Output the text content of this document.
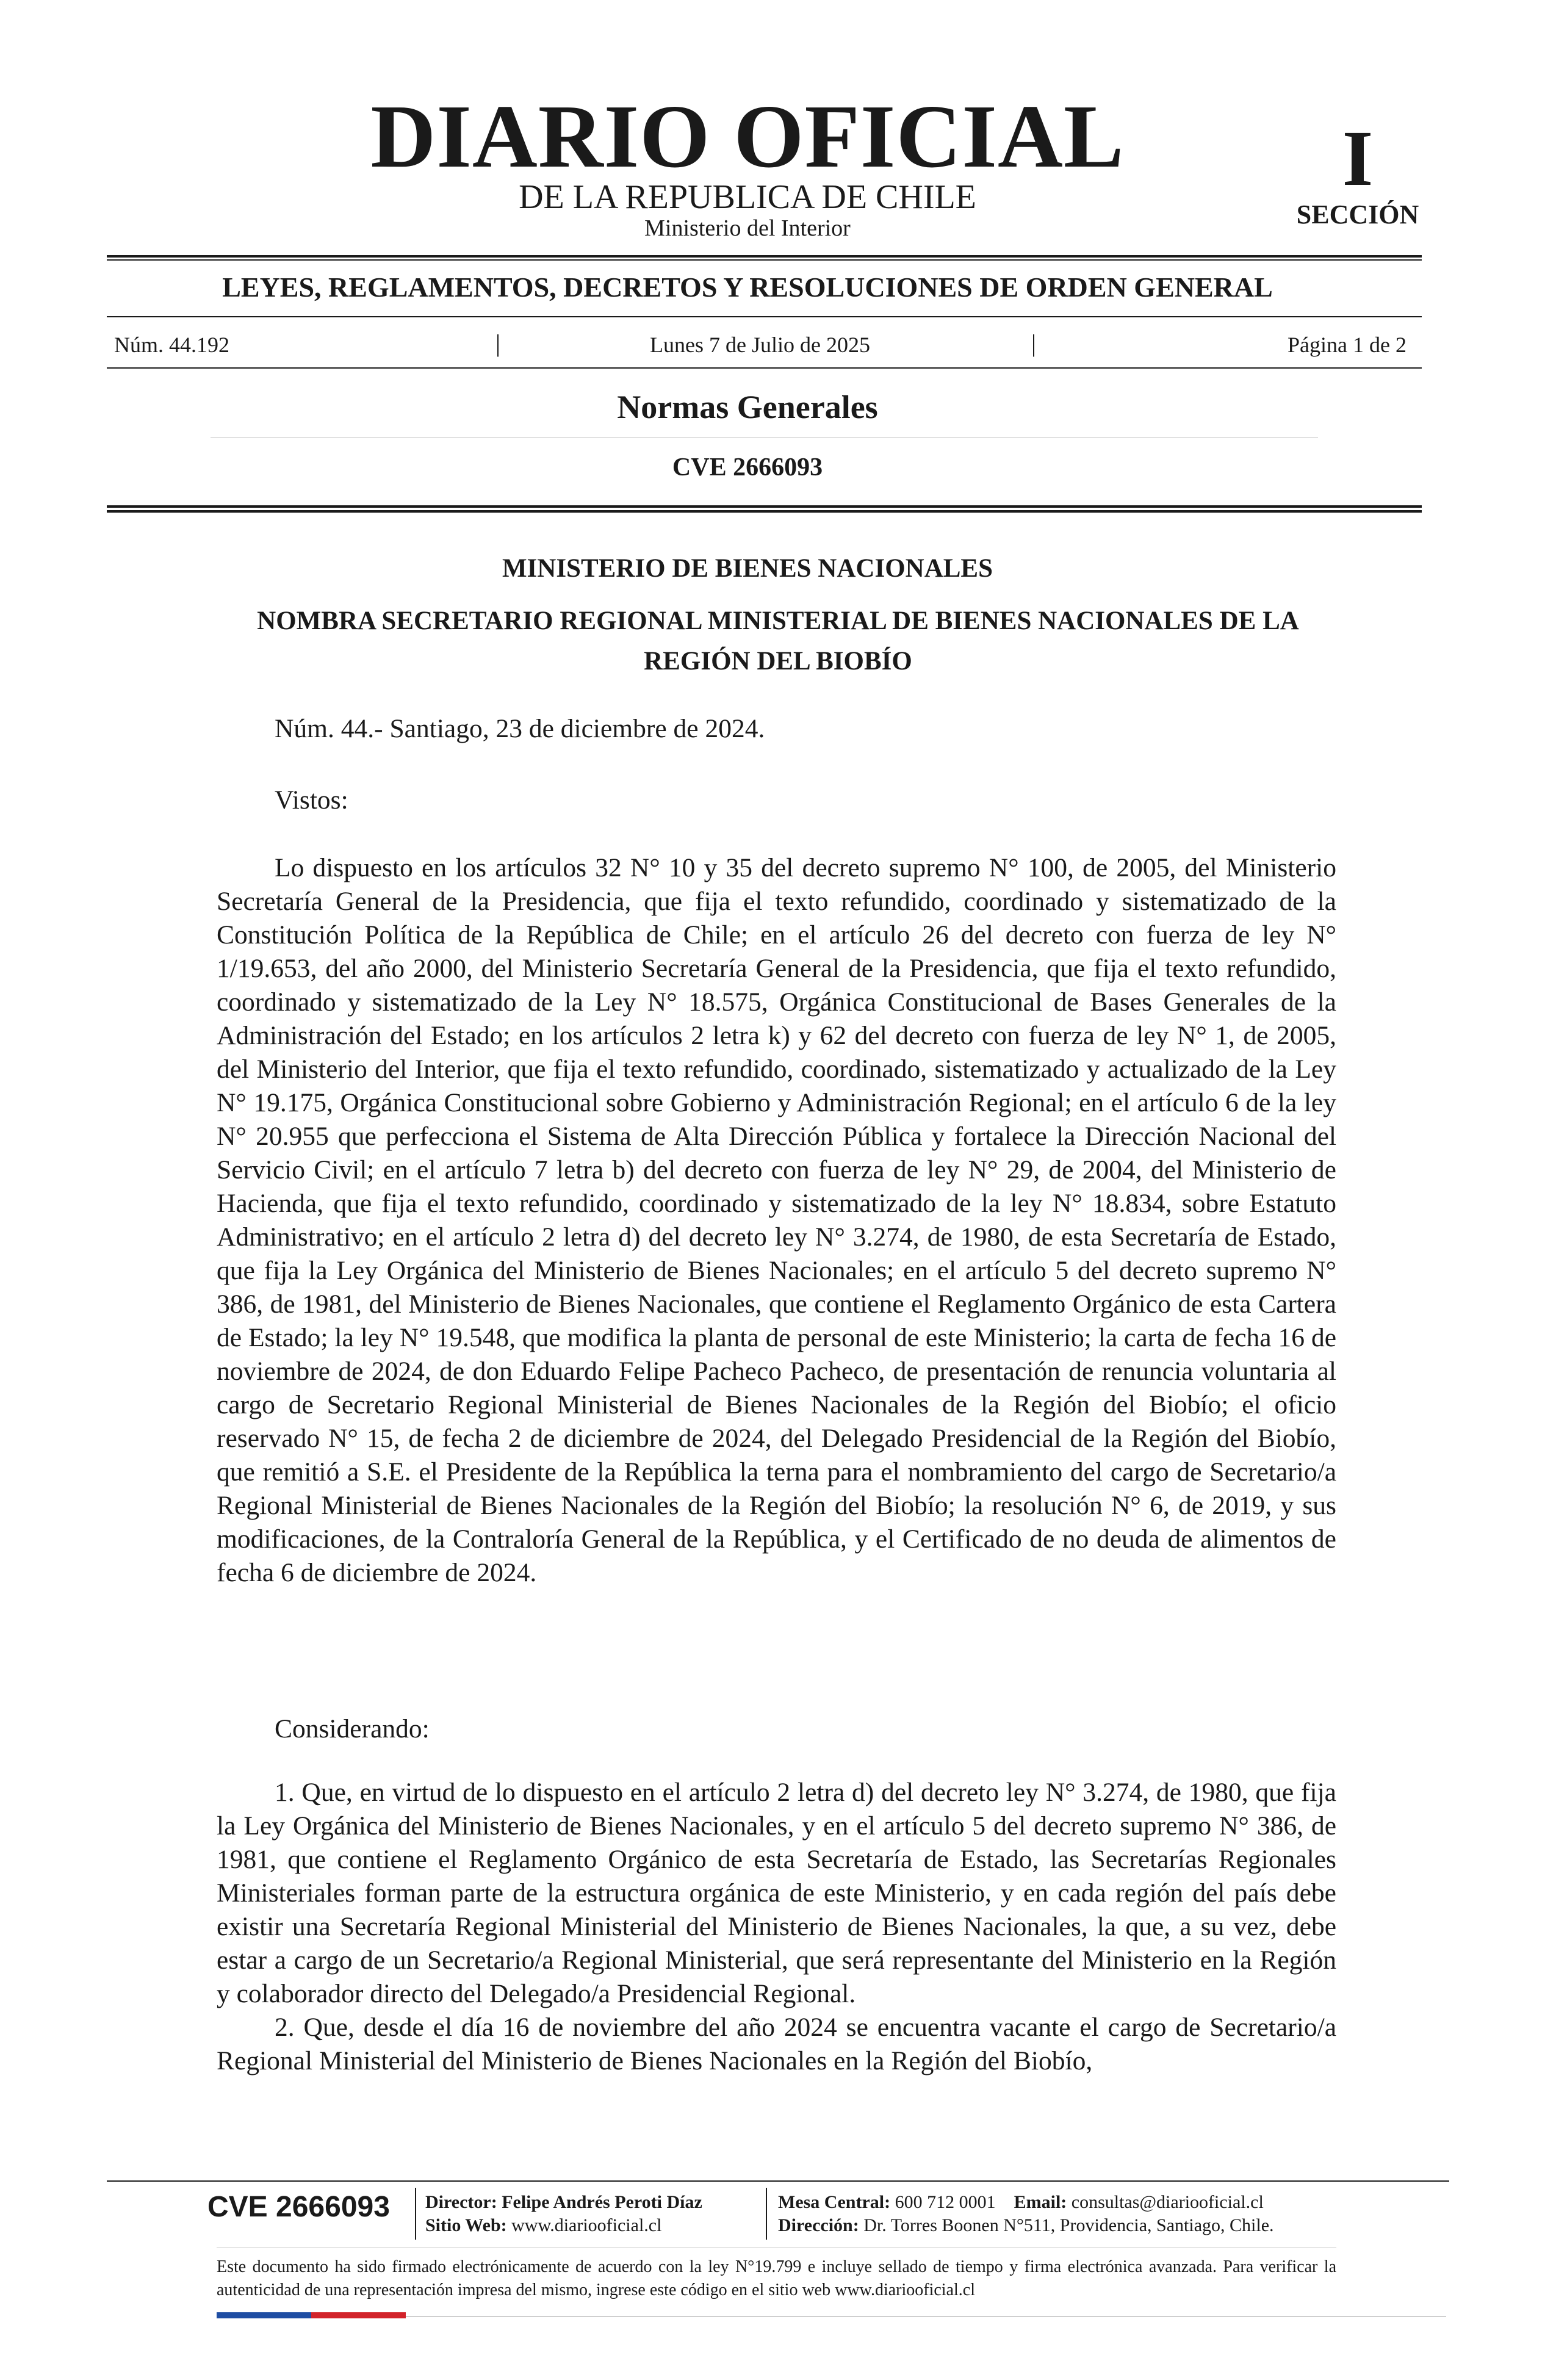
DIARIO OFICIAL
DE LA REPUBLICA DE CHILE
Ministerio del Interior
I
SECCIÓN
LEYES, REGLAMENTOS, DECRETOS Y RESOLUCIONES DE ORDEN GENERAL
Núm. 44.192	|	Lunes 7 de Julio de 2025	|	Página 1 de 2
Normas Generales
CVE 2666093
MINISTERIO DE BIENES NACIONALES
NOMBRA SECRETARIO REGIONAL MINISTERIAL DE BIENES NACIONALES DE LA REGIÓN DEL BIOBÍO
Núm. 44.- Santiago, 23 de diciembre de 2024.
Vistos:

Lo dispuesto en los artículos 32 N° 10 y 35 del decreto supremo N° 100, de 2005, del Ministerio Secretaría General de la Presidencia, que fija el texto refundido, coordinado y sistematizado de la Constitución Política de la República de Chile; en el artículo 26 del decreto con fuerza de ley N° 1/19.653, del año 2000, del Ministerio Secretaría General de la Presidencia, que fija el texto refundido, coordinado y sistematizado de la Ley N° 18.575, Orgánica Constitucional de Bases Generales de la Administración del Estado; en los artículos 2 letra k) y 62 del decreto con fuerza de ley N° 1, de 2005, del Ministerio del Interior, que fija el texto refundido, coordinado, sistematizado y actualizado de la Ley N° 19.175, Orgánica Constitucional sobre Gobierno y Administración Regional; en el artículo 6 de la ley N° 20.955 que perfecciona el Sistema de Alta Dirección Pública y fortalece la Dirección Nacional del Servicio Civil; en el artículo 7 letra b) del decreto con fuerza de ley N° 29, de 2004, del Ministerio de Hacienda, que fija el texto refundido, coordinado y sistematizado de la ley N° 18.834, sobre Estatuto Administrativo; en el artículo 2 letra d) del decreto ley N° 3.274, de 1980, de esta Secretaría de Estado, que fija la Ley Orgánica del Ministerio de Bienes Nacionales; en el artículo 5 del decreto supremo N° 386, de 1981, del Ministerio de Bienes Nacionales, que contiene el Reglamento Orgánico de esta Cartera de Estado; la ley N° 19.548, que modifica la planta de personal de este Ministerio; la carta de fecha 16 de noviembre de 2024, de don Eduardo Felipe Pacheco Pacheco, de presentación de renuncia voluntaria al cargo de Secretario Regional Ministerial de Bienes Nacionales de la Región del Biobío; el oficio reservado N° 15, de fecha 2 de diciembre de 2024, del Delegado Presidencial de la Región del Biobío, que remitió a S.E. el Presidente de la República la terna para el nombramiento del cargo de Secretario/a Regional Ministerial de Bienes Nacionales de la Región del Biobío; la resolución N° 6, de 2019, y sus modificaciones, de la Contraloría General de la República, y el Certificado de no deuda de alimentos de fecha 6 de diciembre de 2024.

Considerando:

1. Que, en virtud de lo dispuesto en el artículo 2 letra d) del decreto ley N° 3.274, de 1980, que fija la Ley Orgánica del Ministerio de Bienes Nacionales, y en el artículo 5 del decreto supremo N° 386, de 1981, que contiene el Reglamento Orgánico de esta Secretaría de Estado, las Secretarías Regionales Ministeriales forman parte de la estructura orgánica de este Ministerio, y en cada región del país debe existir una Secretaría Regional Ministerial del Ministerio de Bienes Nacionales, la que, a su vez, debe estar a cargo de un Secretario/a Regional Ministerial, que será representante del Ministerio en la Región y colaborador directo del Delegado/a Presidencial Regional.

2. Que, desde el día 16 de noviembre del año 2024 se encuentra vacante el cargo de Secretario/a Regional Ministerial del Ministerio de Bienes Nacionales en la Región del Biobío,

CVE 2666093 Director: Felipe Andrés Peroti Díaz
Sitio Web: www.diariooficial.cl
Mesa Central: 600 712 0001 Email: consultas@diariooficial.cl
Dirección: Dr. Torres Boonen N°511, Providencia, Santiago, Chile.
Este documento ha sido firmado electrónicamente de acuerdo con la ley N°19.799 e incluye sellado de tiempo y firma electrónica avanzada. Para verificar la autenticidad de una representación impresa del mismo, ingrese este código en el sitio web www.diariooficial.cl
